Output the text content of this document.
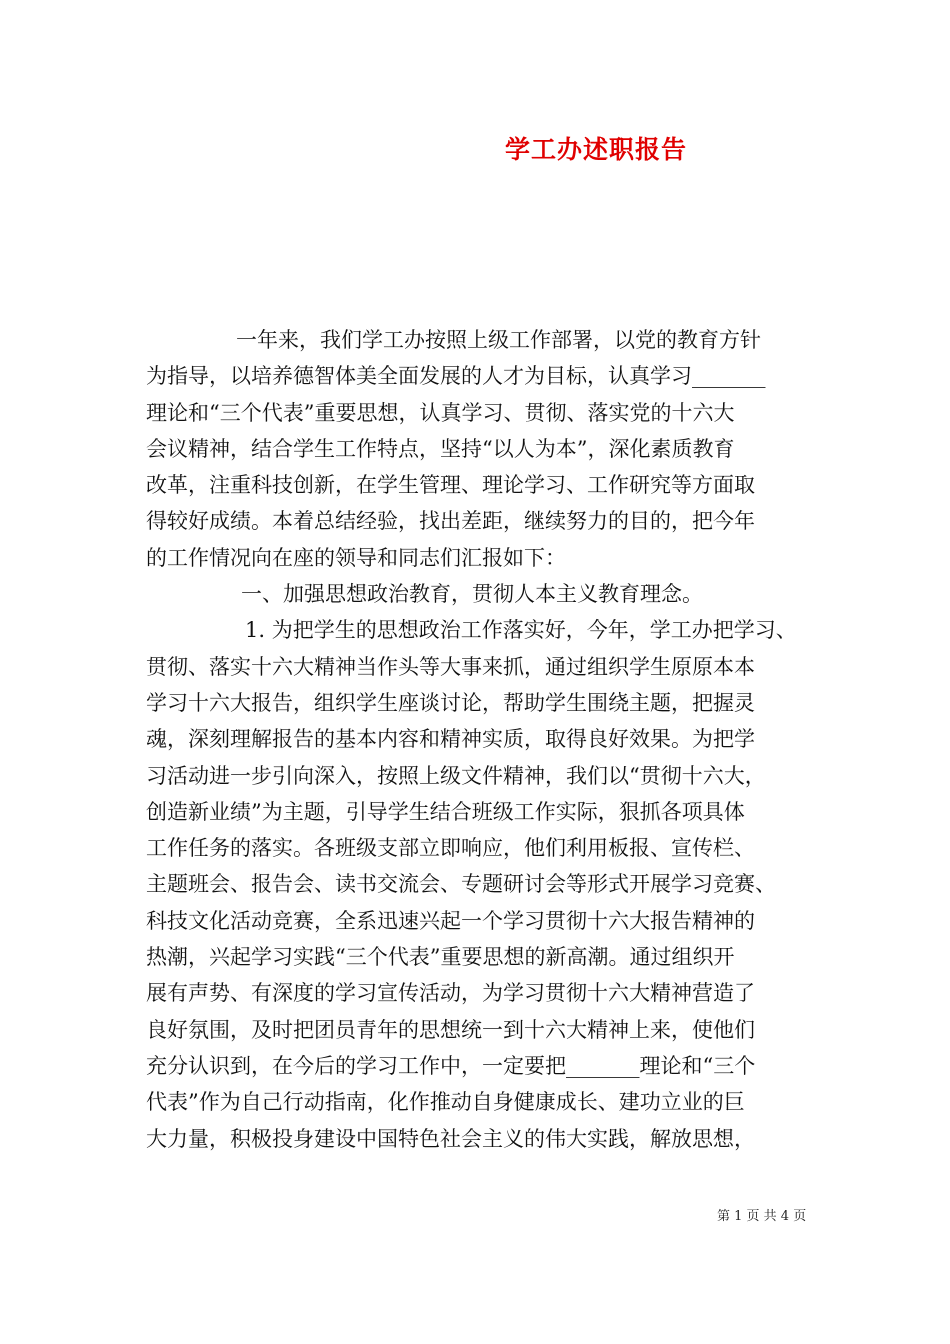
学工办述职报告
一年来，我们学工办按照上级工作部署，以党的教育方针
为指导，以培养德智体美全面发展的人才为目标，认真学习_______
理论和“三个代表”重要思想，认真学习、贯彻、落实党的十六大
会议精神，结合学生工作特点，坚持“以人为本”，深化素质教育
改革，注重科技创新，在学生管理、理论学习、工作研究等方面取
得较好成绩。本着总结经验，找出差距，继续努力的目的，把今年
的工作情况向在座的领导和同志们汇报如下：
一、加强思想政治教育，贯彻人本主义教育理念。
1. 为把学生的思想政治工作落实好，今年，学工办把学习、
贯彻、落实十六大精神当作头等大事来抓，通过组织学生原原本本
学习十六大报告，组织学生座谈讨论，帮助学生围绕主题，把握灵
魂，深刻理解报告的基本内容和精神实质，取得良好效果。为把学
习活动进一步引向深入，按照上级文件精神，我们以“贯彻十六大，
创造新业绩”为主题，引导学生结合班级工作实际，狠抓各项具体
工作任务的落实。各班级支部立即响应，他们利用板报、宣传栏、
主题班会、报告会、读书交流会、专题研讨会等形式开展学习竞赛、
科技文化活动竞赛，全系迅速兴起一个学习贯彻十六大报告精神的
热潮，兴起学习实践“三个代表”重要思想的新高潮。通过组织开
展有声势、有深度的学习宣传活动，为学习贯彻十六大精神营造了
良好氛围，及时把团员青年的思想统一到十六大精神上来，使他们
充分认识到，在今后的学习工作中，一定要把_______理论和“三个
代表”作为自己行动指南，化作推动自身健康成长、建功立业的巨
大力量，积极投身建设中国特色社会主义的伟大实践，解放思想，
第 1 页 共 4 页
